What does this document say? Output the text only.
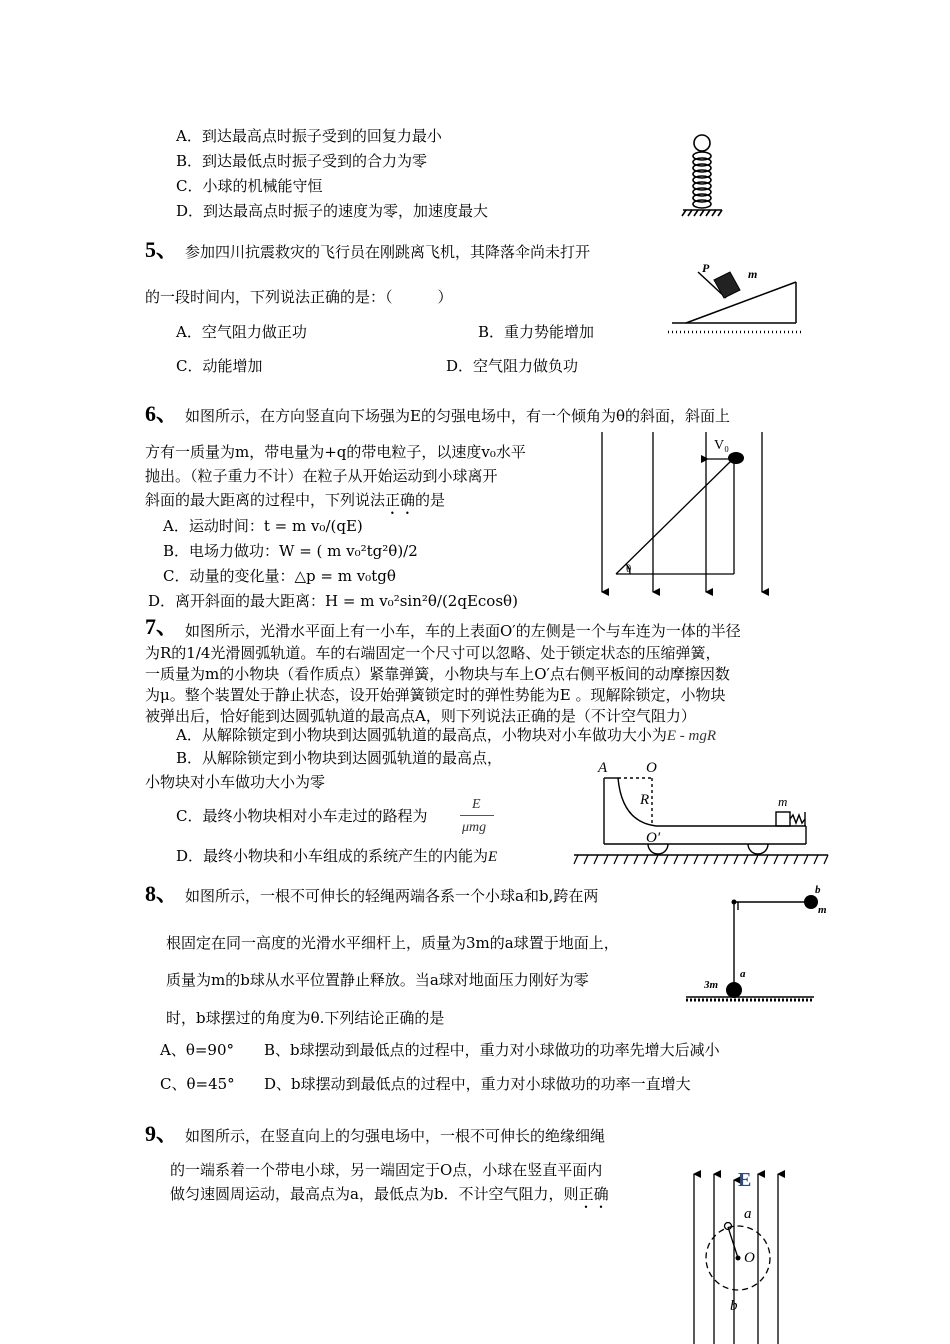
A．到达最高点时振子受到的回复力最小
B．到达最低点时振子受到的合力为零
C．小球的机械能守恒
D．到达最高点时振子的速度为零，加速度最大
5、 参加四川抗震救灾的飞行员在刚跳离飞机，其降落伞尚未打开
的一段时间内，下列说法正确的是：（　　　）
A．空气阻力做正功	B．重力势能增加
C．动能增加	D．空气阻力做负功
P	m
6、 如图所示，在方向竖直向下场强为E的匀强电场中，有一个倾角为θ的斜面，斜面上
方有一质量为m，带电量为+q的带电粒子，以速度v₀水平
抛出。（粒子重力不计）在粒子从开始运动到小球离开
斜面的最大距离的过程中，下列说法正确的是
A．运动时间：t = m v₀/(qE)
B．电场力做功：W = ( m v₀²tg²θ)/2
C．动量的变化量：△p = m v₀tgθ
D．离开斜面的最大距离：H = m v₀²sin²θ/(2qEcosθ)
V₀
θ
7、 如图所示，光滑水平面上有一小车，车的上表面O′的左侧是一个与车连为一体的半径
为R的1/4光滑圆弧轨道。车的右端固定一个尺寸可以忽略、处于锁定状态的压缩弹簧，
一质量为m的小物块（看作质点）紧靠弹簧，小物块与车上O′点右侧平板间的动摩擦因数
为μ。整个装置处于静止状态，设开始弹簧锁定时的弹性势能为E 。现解除锁定，小物块
被弹出后，恰好能到达圆弧轨道的最高点A，则下列说法正确的是（不计空气阻力）
A．从解除锁定到小物块到达圆弧轨道的最高点，小物块对小车做功大小为E - mgR
B．从解除锁定到小物块到达圆弧轨道的最高点，
小物块对小车做功大小为零
C．最终小物块相对小车走过的路程为
E
μmg
D．最终小物块和小车组成的系统产生的内能为E
A	O
R	m
O′
8、 如图所示，一根不可伸长的轻绳两端各系一个小球a和b,跨在两
根固定在同一高度的光滑水平细杆上，质量为3m的a球置于地面上，
质量为m的b球从水平位置静止释放。当a球对地面压力刚好为零
时，b球摆过的角度为θ.下列结论正确的是
A、θ=90° B、b球摆动到最低点的过程中，重力对小球做功的功率先增大后减小
C、θ=45° D、b球摆动到最低点的过程中，重力对小球做功的功率一直增大
b
m
3m
a
9、 如图所示，在竖直向上的匀强电场中，一根不可伸长的绝缘细绳
的一端系着一个带电小球，另一端固定于O点，小球在竖直平面内
做匀速圆周运动，最高点为a，最低点为b．不计空气阻力，则正确
E
a
O
b
